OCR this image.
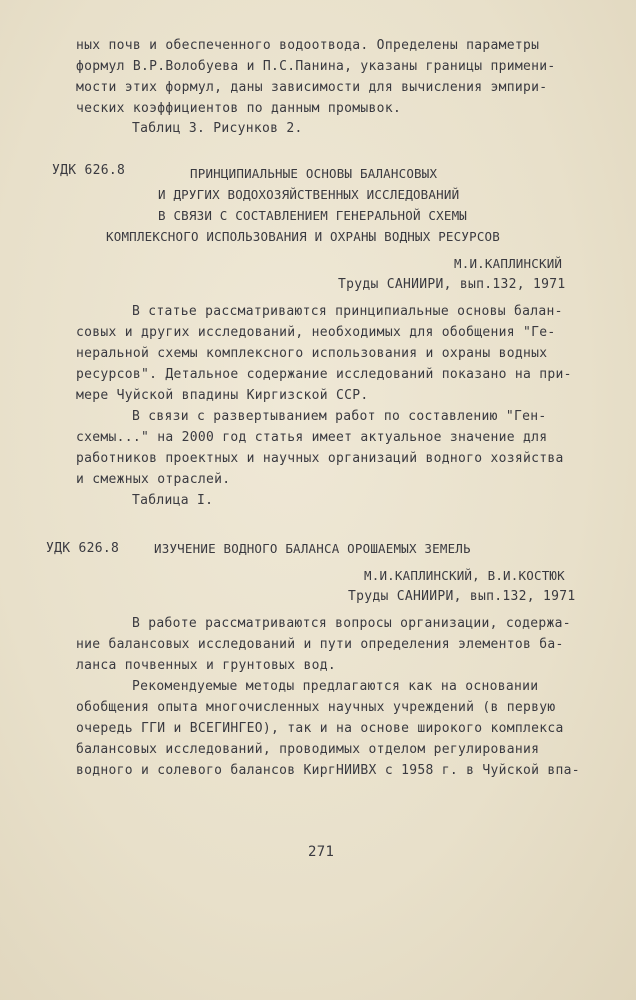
ных почв и обеспеченного водоотвода. Определены параметры
формул В.Р.Волобуева и П.С.Панина, указаны границы примени-
мости этих формул, даны зависимости для вычисления эмпири-
ческих коэффициентов по данным промывок.
Таблиц 3. Рисунков 2.
УДК 626.8	ПРИНЦИПИАЛЬНЫЕ ОСНОВЫ БАЛАНСОВЫХ
И ДРУГИХ ВОДОХОЗЯЙСТВЕННЫХ ИССЛЕДОВАНИЙ
В СВЯЗИ С СОСТАВЛЕНИЕМ ГЕНЕРАЛЬНОЙ СХЕМЫ
КОМПЛЕКСНОГО ИСПОЛЬЗОВАНИЯ И ОХРАНЫ ВОДНЫХ РЕСУРСОВ
М.И.КАПЛИНСКИЙ
Труды САНИИРИ, вып.132, 1971
В статье рассматриваются принципиальные основы балан-
совых и других исследований, необходимых для обобщения "Ге-
неральной схемы комплексного использования и охраны водных
ресурсов". Детальное содержание исследований показано на при-
мере Чуйской впадины Киргизской ССР.
В связи с развертыванием работ по составлению "Ген-
схемы..." на 2000 год статья имеет актуальное значение для
работников проектных и научных организаций водного хозяйства
и смежных отраслей.
Таблица I.
УДК 626.8	ИЗУЧЕНИЕ ВОДНОГО БАЛАНСА ОРОШАЕМЫХ ЗЕМЕЛЬ
М.И.КАПЛИНСКИЙ, В.И.КОСТЮК
Труды САНИИРИ, вып.132, 1971
В работе рассматриваются вопросы организации, содержа-
ние балансовых исследований и пути определения элементов ба-
ланса почвенных и грунтовых вод.
Рекомендуемые методы предлагаются как на основании
обобщения опыта многочисленных научных учреждений (в первую
очередь ГГИ и ВСЕГИНГЕО), так и на основе широкого комплекса
балансовых исследований, проводимых отделом регулирования
водного и солевого балансов КиргНИИВХ с 1958 г. в Чуйской впа-
271
